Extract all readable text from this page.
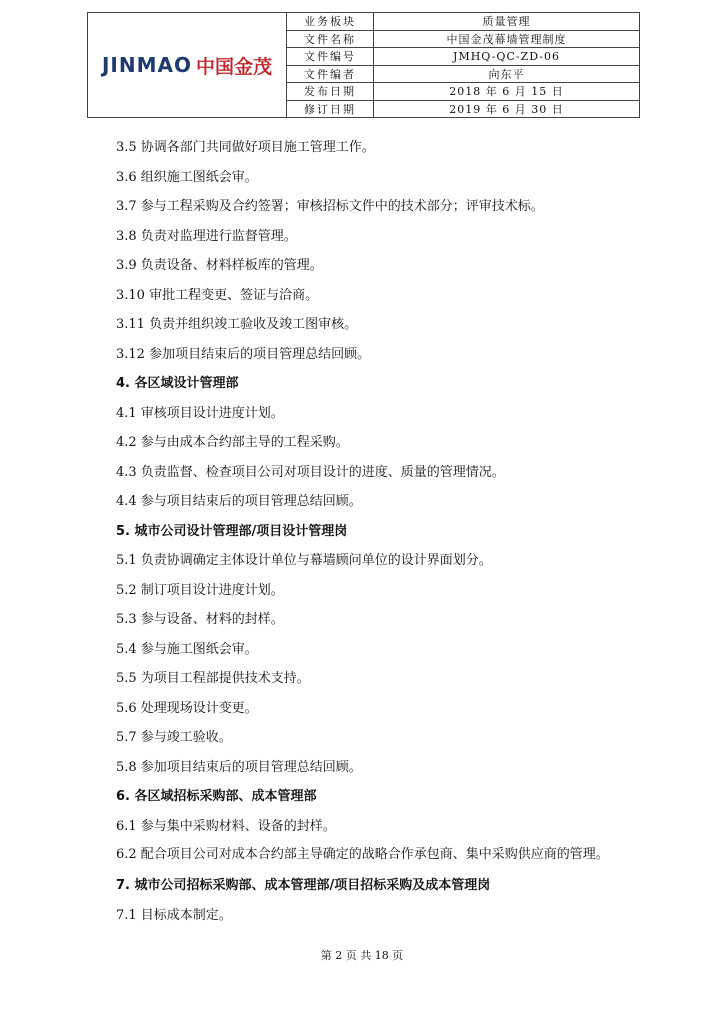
JINMAO 中国金茂	业务板块	质量管理
	文件名称	中国金茂幕墙管理制度
	文件编号	JMHQ-QC-ZD-06
	文件编者	向东平
	发布日期	2018 年 6 月 15 日
	修订日期	2019 年 6 月 30 日
3.5 协调各部门共同做好项目施工管理工作。
3.6 组织施工图纸会审。
3.7 参与工程采购及合约签署；审核招标文件中的技术部分；评审技术标。
3.8 负责对监理进行监督管理。
3.9 负责设备、材料样板库的管理。
3.10 审批工程变更、签证与洽商。
3.11 负责并组织竣工验收及竣工图审核。
3.12 参加项目结束后的项目管理总结回顾。
4. 各区域设计管理部
4.1 审核项目设计进度计划。
4.2 参与由成本合约部主导的工程采购。
4.3 负责监督、检查项目公司对项目设计的进度、质量的管理情况。
4.4 参与项目结束后的项目管理总结回顾。
5. 城市公司设计管理部/项目设计管理岗
5.1 负责协调确定主体设计单位与幕墙顾问单位的设计界面划分。
5.2 制订项目设计进度计划。
5.3 参与设备、材料的封样。
5.4 参与施工图纸会审。
5.5 为项目工程部提供技术支持。
5.6 处理现场设计变更。
5.7 参与竣工验收。
5.8 参加项目结束后的项目管理总结回顾。
6. 各区域招标采购部、成本管理部
6.1 参与集中采购材料、设备的封样。
6.2 配合项目公司对成本合约部主导确定的战略合作承包商、集中采购供应商的管理。
7. 城市公司招标采购部、成本管理部/项目招标采购及成本管理岗
7.1 目标成本制定。
第 2 页 共 18 页
